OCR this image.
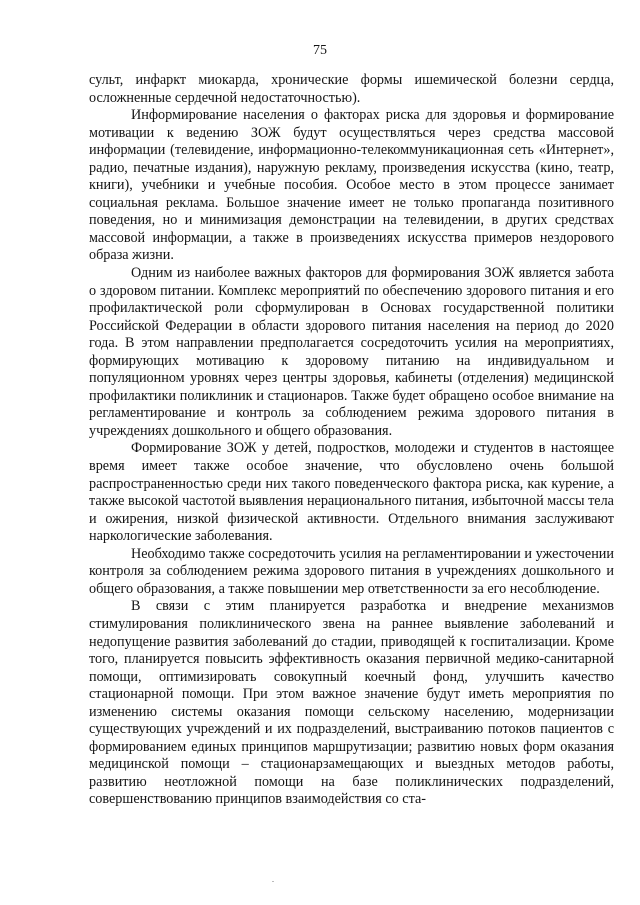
75

сульт, инфаркт миокарда, хронические формы ишемической болезни сердца, осложненные сердечной недостаточностью).

Информирование населения о факторах риска для здоровья и формирование мотивации к ведению ЗОЖ будут осуществляться через средства массовой информации (телевидение, информационно-телекоммуникационная сеть «Интернет», радио, печатные издания), наружную рекламу, произведения искусства (кино, театр, книги), учебники и учебные пособия. Особое место в этом процессе занимает социальная реклама. Большое значение имеет не только пропаганда позитивного поведения, но и минимизация демонстрации на телевидении, в других средствах массовой информации, а также в произведениях искусства примеров нездорового образа жизни.

Одним из наиболее важных факторов для формирования ЗОЖ является забота о здоровом питании. Комплекс мероприятий по обеспечению здорового питания и его профилактической роли сформулирован в Основах государственной политики Российской Федерации в области здорового питания населения на период до 2020 года. В этом направлении предполагается сосредоточить усилия на мероприятиях, формирующих мотивацию к здоровому питанию на индивидуальном и популяционном уровнях через центры здоровья, кабинеты (отделения) медицинской профилактики поликлиник и стационаров. Также будет обращено особое внимание на регламентирование и контроль за соблюдением режима здорового питания в учреждениях дошкольного и общего образования.

Формирование ЗОЖ у детей, подростков, молодежи и студентов в настоящее время имеет также особое значение, что обусловлено очень большой распространенностью среди них такого поведенческого фактора риска, как курение, а также высокой частотой выявления нерационального питания, избыточной массы тела и ожирения, низкой физической активности. Отдельного внимания заслуживают наркологические заболевания.

Необходимо также сосредоточить усилия на регламентировании и ужесточении контроля за соблюдением режима здорового питания в учреждениях дошкольного и общего образования, а также повышении мер ответственности за его несоблюдение.

В связи с этим планируется разработка и внедрение механизмов стимулирования поликлинического звена на раннее выявление заболеваний и недопущение развития заболеваний до стадии, приводящей к госпитализации. Кроме того, планируется повысить эффективность оказания первичной медико-санитарной помощи, оптимизировать совокупный коечный фонд, улучшить качество стационарной помощи. При этом важное значение будут иметь мероприятия по изменению системы оказания помощи сельскому населению, модернизации существующих учреждений и их подразделений, выстраиванию потоков пациентов с формированием единых принципов маршрутизации; развитию новых форм оказания медицинской помощи – стационарзамещающих и выездных методов работы, развитию неотложной помощи на базе поликлинических подразделений, совершенствованию принципов взаимодействия со ста-
